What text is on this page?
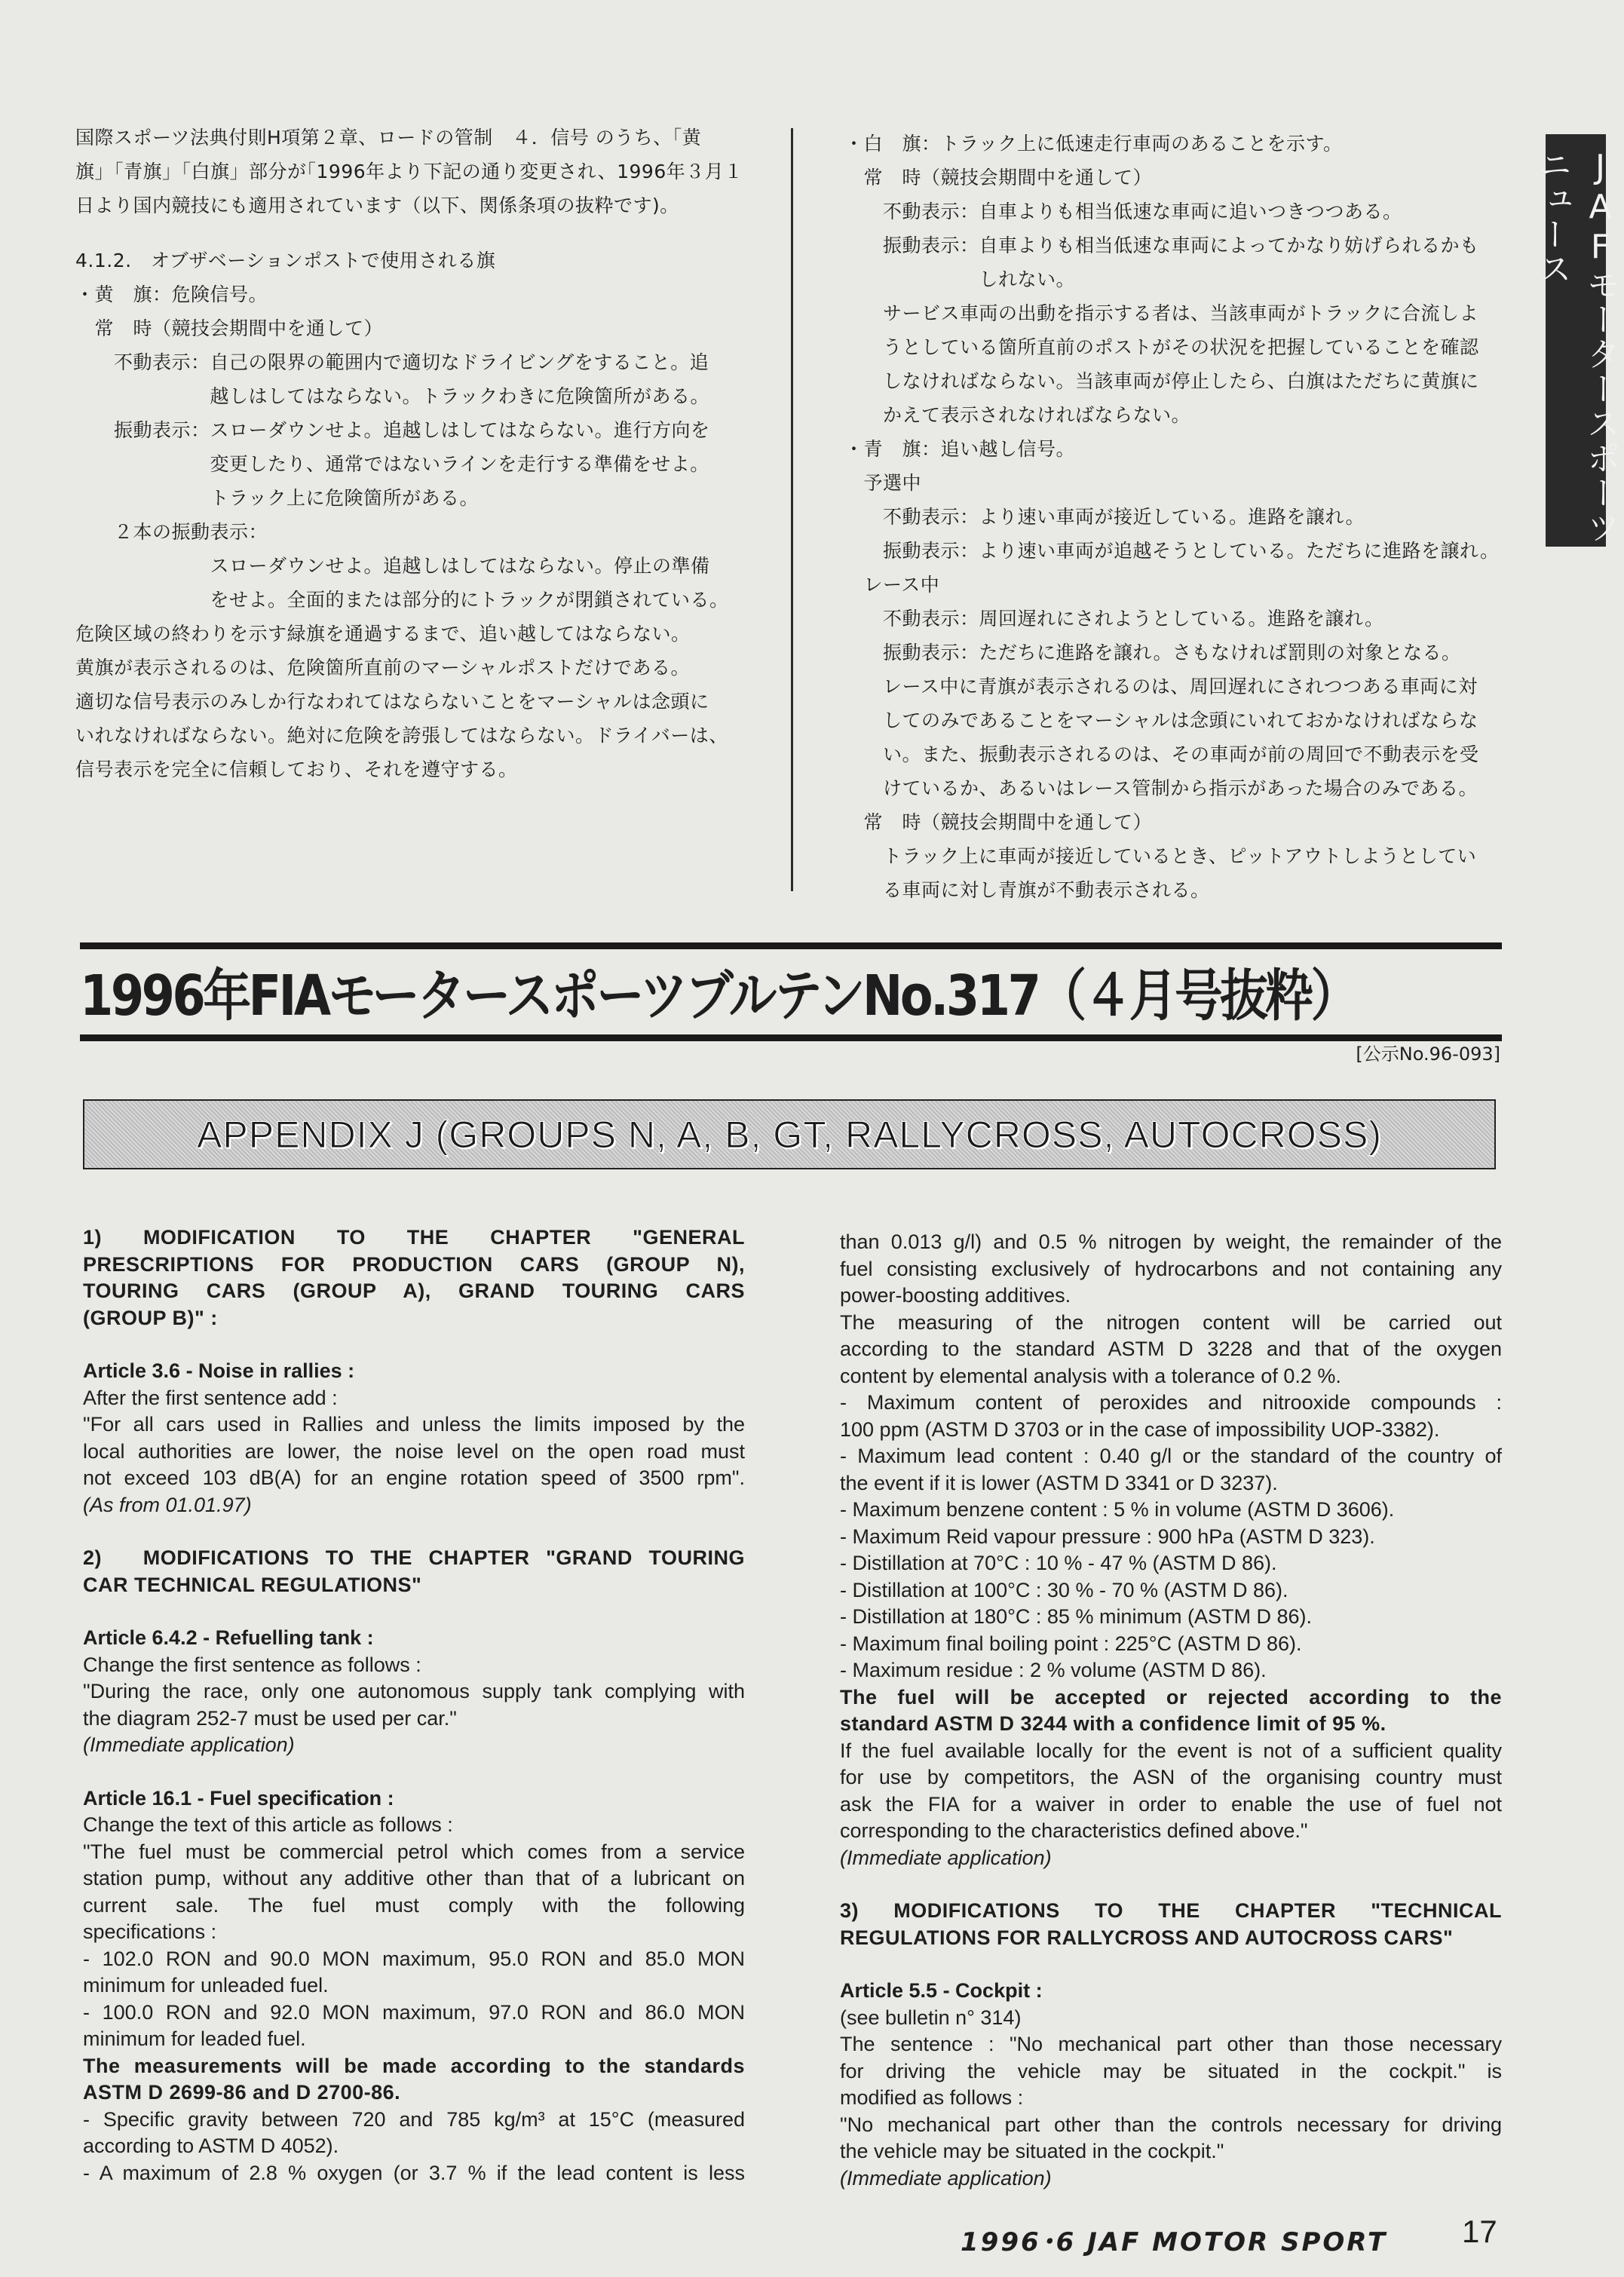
JAFモータースポーツニュース

国際スポーツ法典付則H項第２章、ロードの管制　４．信号 のうち、｢黄

旗｣「青旗」「白旗」部分が｢1996年より下記の通り変更され、1996年３月１

日より国内競技にも適用されています（以下、関係条項の抜粋です)。

4.1.2.　オブザベーションポストで使用される旗

・黄　旗：危険信号。

　常　時（競技会期間中を通して）

　　不動表示：自己の限界の範囲内で適切なドライビングをすること。追

　　　　　　　越しはしてはならない。トラックわきに危険箇所がある。

　　振動表示：スローダウンせよ。追越しはしてはならない。進行方向を

　　　　　　　変更したり、通常ではないラインを走行する準備をせよ。

　　　　　　　トラック上に危険箇所がある。

　　２本の振動表示：

　　　　　　　スローダウンせよ。追越しはしてはならない。停止の準備

　　　　　　　をせよ。全面的または部分的にトラックが閉鎖されている。

危険区域の終わりを示す緑旗を通過するまで、追い越してはならない。

黄旗が表示されるのは、危険箇所直前のマーシャルポストだけである。

適切な信号表示のみしか行なわれてはならないことをマーシャルは念頭に

いれなければならない。絶対に危険を誇張してはならない。ドライバーは、

信号表示を完全に信頼しており、それを遵守する。

・白　旗：トラック上に低速走行車両のあることを示す。

　常　時（競技会期間中を通して）

　　不動表示：自車よりも相当低速な車両に追いつきつつある。

　　振動表示：自車よりも相当低速な車両によってかなり妨げられるかも

　　　　　　　しれない。

　　サービス車両の出動を指示する者は、当該車両がトラックに合流しよ

　　うとしている箇所直前のポストがその状況を把握していることを確認

　　しなければならない。当該車両が停止したら、白旗はただちに黄旗に

　　かえて表示されなければならない。

・青　旗：追い越し信号。

　予選中

　　不動表示：より速い車両が接近している。進路を譲れ。

　　振動表示：より速い車両が追越そうとしている。ただちに進路を譲れ。

　レース中

　　不動表示：周回遅れにされようとしている。進路を譲れ。

　　振動表示：ただちに進路を譲れ。さもなければ罰則の対象となる。

　　レース中に青旗が表示されるのは、周回遅れにされつつある車両に対

　　してのみであることをマーシャルは念頭にいれておかなければならな

　　い。また、振動表示されるのは、その車両が前の周回で不動表示を受

　　けているか、あるいはレース管制から指示があった場合のみである。

　常　時（競技会期間中を通して）

　　トラック上に車両が接近しているとき、ピットアウトしようとしてい

　　る車両に対し青旗が不動表示される。

1996年FIAモータースポーツブルテンNo.317（４月号抜粋）
[公示No.96-093]
APPENDIX J (GROUPS N, A, B, GT, RALLYCROSS, AUTOCROSS)

1)　MODIFICATION　TO　THE　CHAPTER　"GENERAL

PRESCRIPTIONS FOR PRODUCTION CARS (GROUP N),

TOURING CARS (GROUP A), GRAND TOURING CARS

(GROUP B)" :

Article 3.6 - Noise in rallies :

After the first sentence add :

"For all cars used in Rallies and unless the limits imposed by the

local authorities are lower, the noise level on the open road must

not exceed 103 dB(A) for an engine rotation speed of 3500 rpm".

(As from 01.01.97)

2)　MODIFICATIONS TO THE CHAPTER "GRAND TOURING

CAR TECHNICAL REGULATIONS"

Article 6.4.2 - Refuelling tank :

Change the first sentence as follows :

"During the race, only one autonomous supply tank complying with

the diagram 252-7 must be used per car."

(Immediate application)

Article 16.1 - Fuel specification :

Change the text of this article as follows :

"The fuel must be commercial petrol which comes from a service

station pump, without any additive other than that of a lubricant on

current　sale.　The　fuel　must　comply　with　the　following

specifications :

- 102.0 RON and 90.0 MON maximum, 95.0 RON and 85.0 MON

minimum for unleaded fuel.

- 100.0 RON and 92.0 MON maximum, 97.0 RON and 86.0 MON

minimum for leaded fuel.

The measurements will be made according to the standards

ASTM D 2699-86 and D 2700-86.

- Specific gravity between 720 and 785 kg/m³ at 15°C (measured

according to ASTM D 4052).

- A maximum of 2.8 % oxygen (or 3.7 % if the lead content is less

than 0.013 g/l) and 0.5 % nitrogen by weight, the remainder of the

fuel consisting exclusively of hydrocarbons and not containing any

power-boosting additives.

The measuring of the nitrogen content will be carried out

according to the standard ASTM D 3228 and that of the oxygen

content by elemental analysis with a tolerance of 0.2 %.

- Maximum content of peroxides and nitrooxide compounds :

100 ppm (ASTM D 3703 or in the case of impossibility UOP-3382).

- Maximum lead content : 0.40 g/l or the standard of the country of

the event if it is lower (ASTM D 3341 or D 3237).

- Maximum benzene content : 5 % in volume (ASTM D 3606).

- Maximum Reid vapour pressure : 900 hPa (ASTM D 323).

- Distillation at 70°C : 10 % - 47 % (ASTM D 86).

- Distillation at 100°C : 30 % - 70 % (ASTM D 86).

- Distillation at 180°C : 85 % minimum (ASTM D 86).

- Maximum final boiling point : 225°C (ASTM D 86).

- Maximum residue : 2 % volume (ASTM D 86).

The fuel will be accepted or rejected according to the

standard ASTM D 3244 with a confidence limit of 95 %.

If the fuel available locally for the event is not of a sufficient quality

for use by competitors, the ASN of the organising country must

ask the FIA for a waiver in order to enable the use of fuel not

corresponding to the characteristics defined above."

(Immediate application)

3)　MODIFICATIONS　TO　THE　CHAPTER　"TECHNICAL

REGULATIONS FOR RALLYCROSS AND AUTOCROSS CARS"

Article 5.5 - Cockpit :

(see bulletin n° 314)

The sentence : "No mechanical part other than those necessary

for driving the vehicle may be situated in the cockpit." is

modified as follows :

"No mechanical part other than the controls necessary for driving

the vehicle may be situated in the cockpit."

(Immediate application)

1996･6 JAF MOTOR SPORT 17
